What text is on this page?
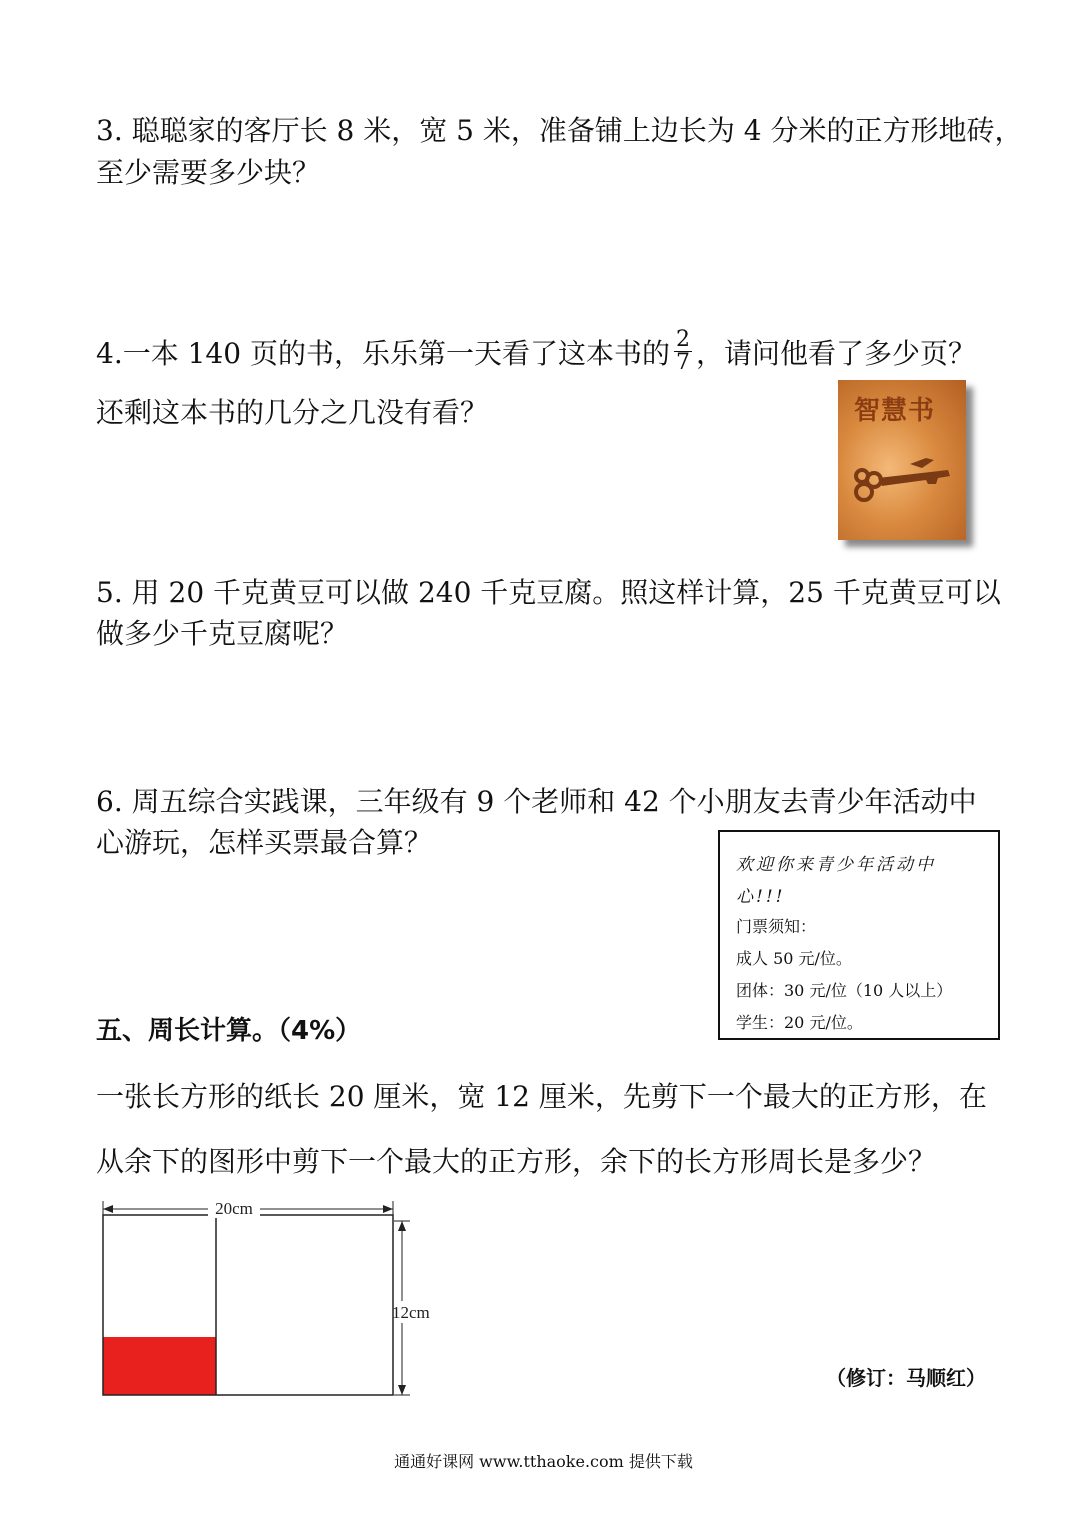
3. 聪聪家的客厅长 8 米，宽 5 米，准备铺上边长为 4 分米的正方形地砖，
至少需要多少块？
4.一本 140 页的书，乐乐第一天看了这本书的 $\frac{2}{7}$ ，请问他看了多少页？
还剩这本书的几分之几没有看？	智慧书
5. 用 20 千克黄豆可以做 240 千克豆腐。照这样计算，25 千克黄豆可以
做多少千克豆腐呢？
6. 周五综合实践课，三年级有 9 个老师和 42 个小朋友去青少年活动中
心游玩，怎样买票最合算？
欢迎你来青少年活动中
心!!!
门票须知：
成人 50 元/位。
团体：30 元/位（10 人以上）
学生：20 元/位。
五、周长计算。（4%）
一张长方形的纸长 20 厘米，宽 12 厘米，先剪下一个最大的正方形，在
从余下的图形中剪下一个最大的正方形，余下的长方形周长是多少？
20cm
12cm
（修订：马顺红）
通通好课网 www.tthaoke.com 提供下载
